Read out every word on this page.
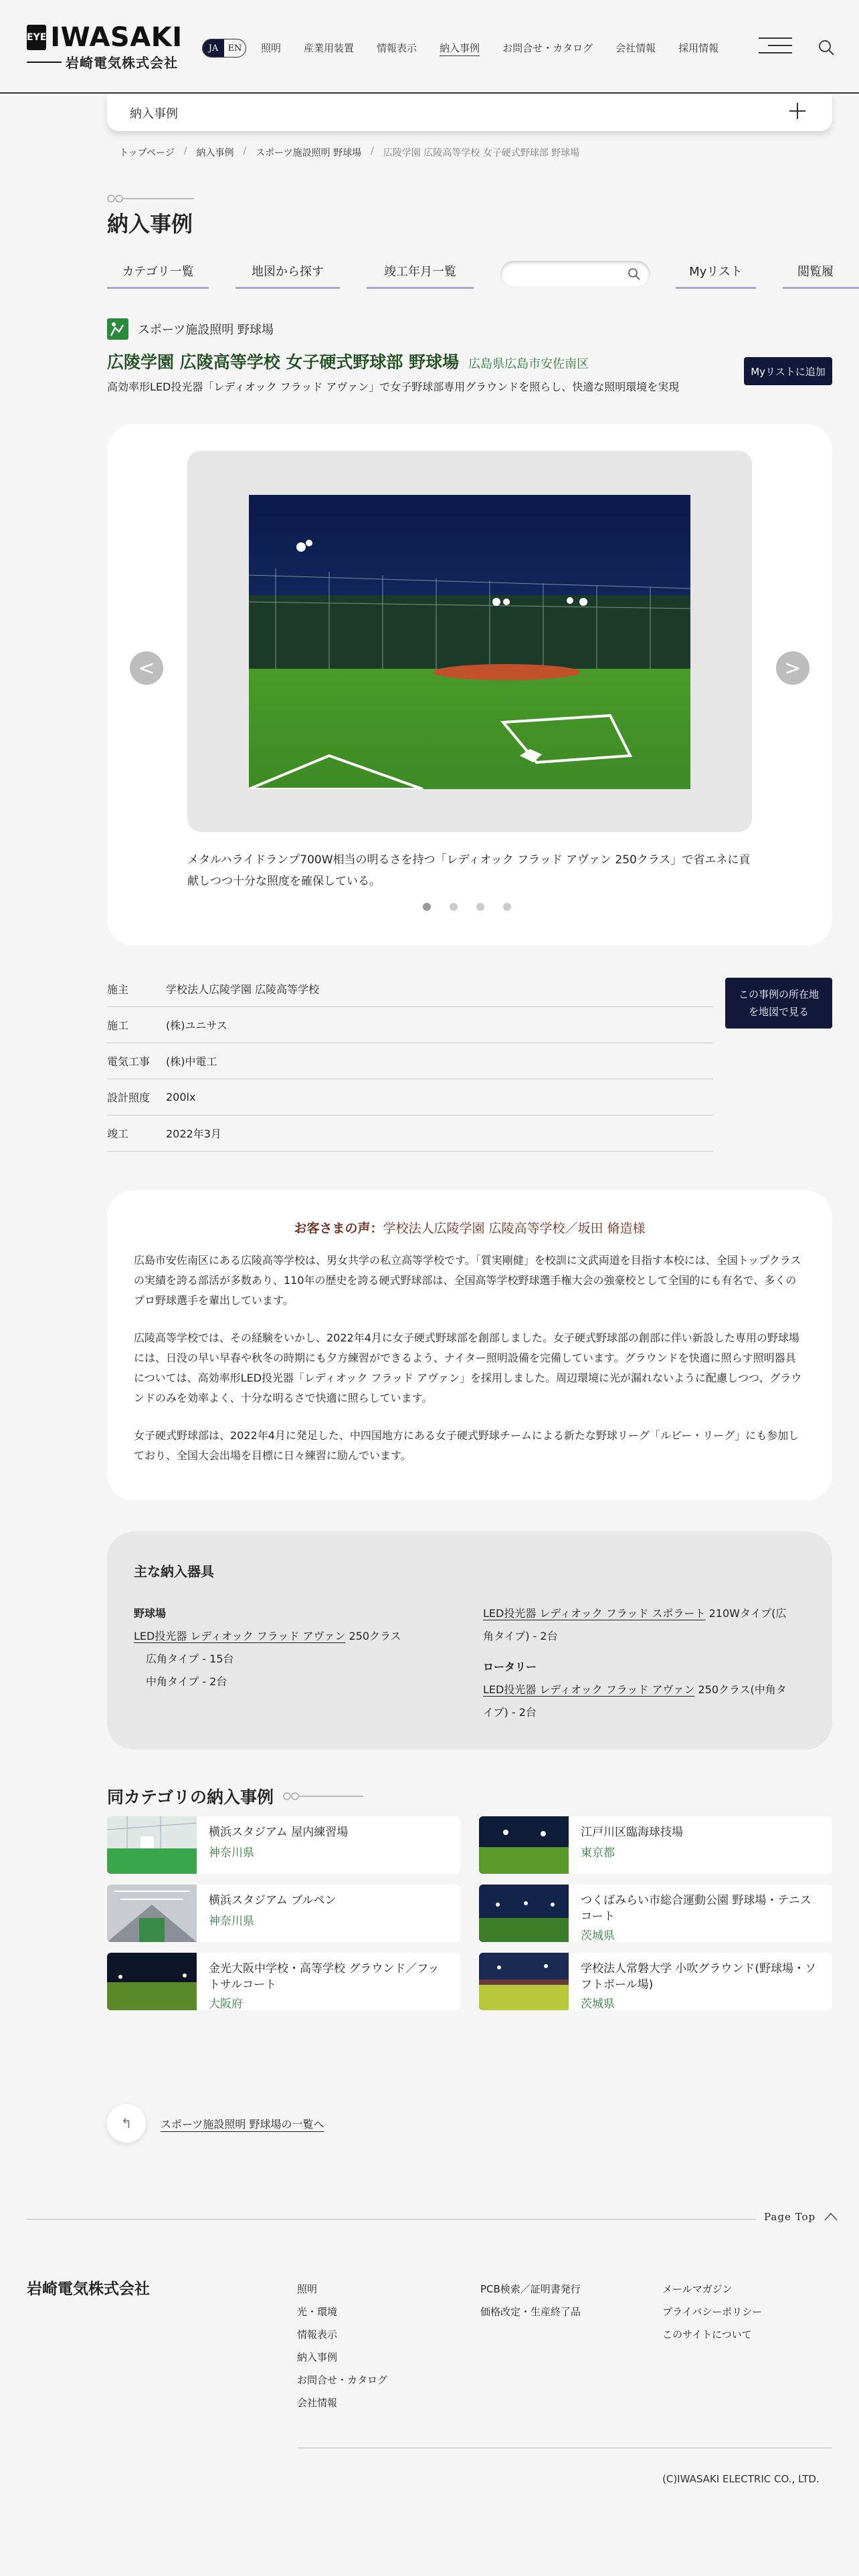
EYE IWASAKI
岩崎電気株式会社
JA	EN	照明 産業用装置 情報表示 納入事例 お問合せ・カタログ 会社情報 採用情報
納入事例
トップページ / 納入事例 / スポーツ施設照明 野球場 / 広陵学園 広陵高等学校 女子硬式野球部 野球場
納入事例
カテゴリ一覧	地図から探す	竣工年月一覧	Myリスト	閲覧履
スポーツ施設照明 野球場
広陵学園 広陵高等学校 女子硬式野球部 野球場 広島県広島市安佐南区

高効率形LED投光器「レディオック フラッド アヴァン」で女子野球部専用グラウンドを照らし、快適な照明環境を実現

Myリストに追加
<	>

メタルハライドランプ700W相当の明るさを持つ「レディオック フラッド アヴァン 250クラス」で省エネに貢献しつつ十分な照度を確保している。

施主	学校法人広陵学園 広陵高等学校
施工	(株)ユニサス
電気工事	(株)中電工
設計照度	200lx
竣工	2022年3月
この事例の所在地
を地図で見る
お客さまの声：学校法人広陵学園 広陵高等学校／坂田 脩造様

広島市安佐南区にある広陵高等学校は、男女共学の私立高等学校です。「質実剛健」を校訓に文武両道を目指す本校には、全国トップクラスの実績を誇る部活が多数あり、110年の歴史を誇る硬式野球部は、全国高等学校野球選手権大会の強豪校として全国的にも有名で、多くのプロ野球選手を輩出しています。

広陵高等学校では、その経験をいかし、2022年4月に女子硬式野球部を創部しました。女子硬式野球部の創部に伴い新設した専用の野球場には、日没の早い早春や秋冬の時期にも夕方練習ができるよう、ナイター照明設備を完備しています。グラウンドを快適に照らす照明器具については、高効率形LED投光器「レディオック フラッド アヴァン」を採用しました。周辺環境に光が漏れないように配慮しつつ、グラウンドのみを効率よく、十分な明るさで快適に照らしています。

女子硬式野球部は、2022年4月に発足した、中四国地方にある女子硬式野球チームによる新たな野球リーグ「ルビー・リーグ」にも参加しており、全国大会出場を目標に日々練習に励んでいます。

主な納入器具
野球場
LED投光器 レディオック フラッド アヴァン 250クラス
広角タイプ - 15台
中角タイプ - 2台
LED投光器 レディオック フラッド スポラート 210Wタイプ(広
角タイプ) - 2台
ロータリー
LED投光器 レディオック フラッド アヴァン 250クラス(中角タ
イプ) - 2台
同カテゴリの納入事例
横浜スタジアム 屋内練習場
神奈川県
江戸川区臨海球技場
東京都
横浜スタジアム ブルペン
神奈川県
つくばみらい市総合運動公園 野球場・テニスコート
茨城県
金光大阪中学校・高等学校 グラウンド／フットサルコート
大阪府
学校法人常磐大学 小吹グラウンド(野球場・ソフトボール場)
茨城県
↰	スポーツ施設照明 野球場の一覧へ
Page Top
岩崎電気株式会社	照明
光・環境
情報表示
納入事例
お問合せ・カタログ
会社情報
PCB検索／証明書発行
価格改定・生産終了品
メールマガジン
プライバシーポリシー
このサイトについて
(C)IWASAKI ELECTRIC CO., LTD.
